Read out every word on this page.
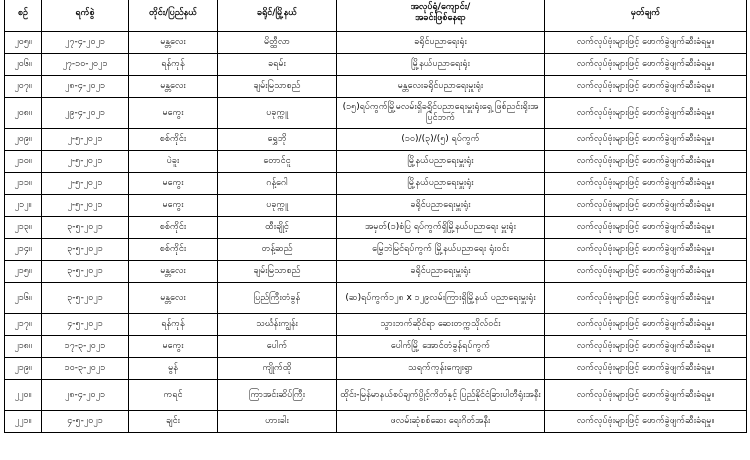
စဉ်	ရက်စွဲ	တိုင်း/ပြည်နယ်	ခရိုင်/မြို့နယ်	အလုပ်ရုံ/ကျောင်း/
အခင်းဖြစ်နေရာ	မှတ်ချက်
၂၀၅။	၂၇-၄-၂၀၂၁	မန္တလေး	မိတ္ထီလာ	ခရိုင်ပညာရေးရုံး	လက်လုပ်ဗုံးများဖြင့် ဖောက်ခွဲဖျက်ဆီးခံရမှု။
၂၀၆။	၂၇-၁၀-၂၀၂၁	ရန်ကုန်	ခရမ်း	မြို့နယ်ပညာရေးရုံး	လက်လုပ်ဗုံးများဖြင့် ဖောက်ခွဲဖျက်ဆီးခံရမှု။
၂၀၇။	၂၈-၄-၂၀၂၁	မန္တလေး	ချမ်းမြသာစည်	မန္တလေးခရိုင်ပညာရေးမှူးရုံး	လက်လုပ်ဗုံးများဖြင့် ဖောက်ခွဲဖျက်ဆီးခံရမှု။
၂၀၈။	၂၉-၄-၂၀၂၁	မကွေး	ပခုက္ကူ	(၁၅)ရပ်ကွက်မြို့မလမ်းရှိခရိုင်ပညာရေးမှူးရုံးရှေ့ ဖြစ်ညင်းရိုးအပြင်ဘက်	လက်လုပ်ဗုံးများဖြင့် ဖောက်ခွဲဖျက်ဆီးခံရမှု။
၂၀၉။	၂-၅-၂၀၂၁	စစ်ကိုင်း	ရွှေဘို	(၁၀)/(၃)/(၅) ရပ်ကွက်	လက်လုပ်ဗုံးများဖြင့် ဖောက်ခွဲဖျက်ဆီးခံရမှု။
၂၁၀။	၂-၅-၂၀၂၁	ပဲခူး	တောင်ငူ	မြို့နယ်ပညာရေးမှူးရုံး	လက်လုပ်ဗုံးများဖြင့် ဖောက်ခွဲဖျက်ဆီးခံရမှု။
၂၁၁။	၂-၅-၂၀၂၁	မကွေး	ဂန့်ဂေါ	မြို့နယ်ပညာရေးမှူးရုံး	လက်လုပ်ဗုံးများဖြင့် ဖောက်ခွဲဖျက်ဆီးခံရမှု။
၂၁၂။	၂-၅-၂၀၂၁	မကွေး	ပခုက္ကူ	ခရိုင်ပညာရေးမှူးရုံး	လက်လုပ်ဗုံးများဖြင့် ဖောက်ခွဲဖျက်ဆီးခံရမှု။
၂၁၃။	၃-၅-၂၀၂၁	စစ်ကိုင်း	ထီးချိုင့်	အမှတ်(၁)စံပြ ရပ်ကွက်ရှိမြို့နယ်ပညာရေး မှူးရုံး	လက်လုပ်ဗုံးများဖြင့် ဖောက်ခွဲဖျက်ဆီးခံရမှု။
၂၁၄။	၃-၅-၂၀၂၁	စစ်ကိုင်း	တန့်ဆည်	မြွေဘဲမြင်ရပ်ကွက် မြို့နယ်ပညာရေး ရုံးဝင်း	လက်လုပ်ဗုံးများဖြင့် ဖောက်ခွဲဖျက်ဆီးခံရမှု။
၂၁၅။	၃-၅-၂၀၂၁	မန္တလေး	ချမ်းမြသာစည်	ခရိုင်ပညာရေးမှူးရုံး	လက်လုပ်ဗုံးများဖြင့် ဖောက်ခွဲဖျက်ဆီးခံရမှု။
၂၁၆။	၃-၅-၂၀၂၁	မန္တလေး	ပြည်ကြီးတံခွန်	(ဆ)ရပ်ကွက်၁၂၈ x ၁၂၉လမ်းကြားရှိမြို့နယ် ပညာရေးမှူးရုံး	လက်လုပ်ဗုံးများဖြင့် ဖောက်ခွဲဖျက်ဆီးခံရမှု။
၂၁၇။	၄-၅-၂၀၂၁	ရန်ကုန်	သင်္ဃန်းကျွန်း	သွားဘက်ဆိုင်ရာ ဆေးတက္ကသိုလ်ဝင်း	လက်လုပ်ဗုံးများဖြင့် ဖောက်ခွဲဖျက်ဆီးခံရမှု။
၂၁၈။	၁၇-၃-၂၀၂၁	မကွေး	ပေါက်	ပေါက်မြို့ အောင်တံခွန်ရပ်ကွက်	လက်လုပ်ဗုံးများဖြင့် ဖောက်ခွဲဖျက်ဆီးခံရမှု။
၂၁၉။	၁၀-၃-၂၀၂၁	မွန်	ကျိုက်ထို	သရက်ကုန်းကျေးရွာ	လက်လုပ်ဗုံးများဖြင့် ဖောက်ခွဲဖျက်ဆီးခံရမှု။
၂၂၀။	၂၈-၄-၂၀၂၁	ကရင်	ကြာအင်းဆိပ်ကြီး	ထိုင်း-မြန်မာနယ်စပ်ချက်ပွိုင့်ကိတ်နှင့် ပြည်နိုင်ငံခြားပါတီရုံးအနီး	လက်လုပ်ဗုံးများဖြင့် ဖောက်ခွဲဖျက်ဆီးခံရမှု။
၂၂၁။	၄-၅-၂၀၂၁	ချင်း	ဟားခါး	ဖလမ်းဆုံစစ်ဆေး ရေးဂိတ်အနီး	လက်လုပ်ဗုံးများဖြင့် ဖောက်ခွဲဖျက်ဆီးခံရမှု။
